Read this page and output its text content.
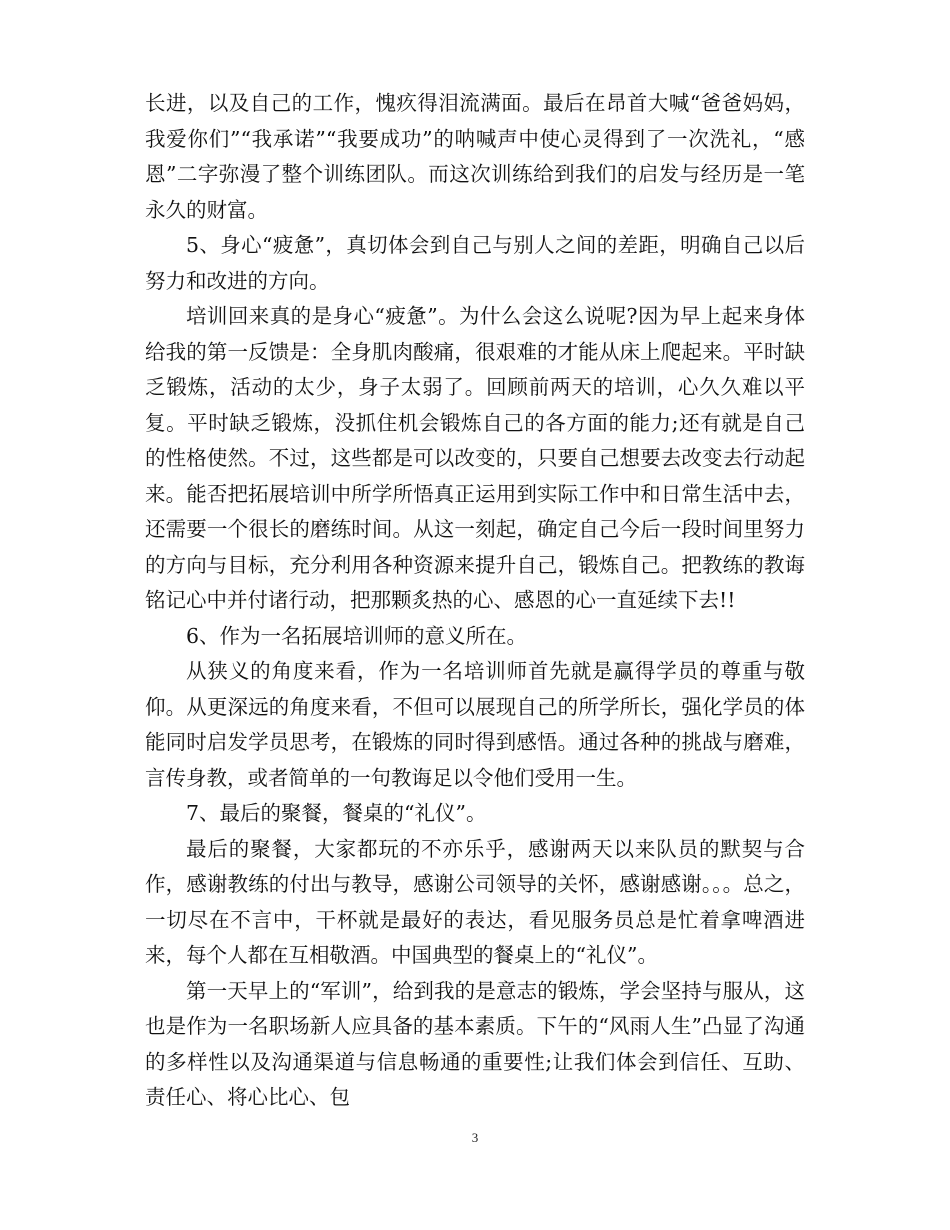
长进，以及自己的工作，愧疚得泪流满面。最后在昂首大喊“爸爸妈妈，我爱你们”“我承诺”“我要成功”的呐喊声中使心灵得到了一次洗礼，“感恩”二字弥漫了整个训练团队。而这次训练给到我们的启发与经历是一笔永久的财富。

5、身心“疲惫”，真切体会到自己与别人之间的差距，明确自己以后努力和改进的方向。

培训回来真的是身心“疲惫”。为什么会这么说呢?因为早上起来身体给我的第一反馈是：全身肌肉酸痛，很艰难的才能从床上爬起来。平时缺乏锻炼，活动的太少，身子太弱了。回顾前两天的培训，心久久难以平复。平时缺乏锻炼，没抓住机会锻炼自己的各方面的能力;还有就是自己的性格使然。不过，这些都是可以改变的，只要自己想要去改变去行动起来。能否把拓展培训中所学所悟真正运用到实际工作中和日常生活中去，还需要一个很长的磨练时间。从这一刻起，确定自己今后一段时间里努力的方向与目标，充分利用各种资源来提升自己，锻炼自己。把教练的教诲铭记心中并付诸行动，把那颗炙热的心、感恩的心一直延续下去!!

6、作为一名拓展培训师的意义所在。

从狭义的角度来看，作为一名培训师首先就是赢得学员的尊重与敬仰。从更深远的角度来看，不但可以展现自己的所学所长，强化学员的体能同时启发学员思考，在锻炼的同时得到感悟。通过各种的挑战与磨难，言传身教，或者简单的一句教诲足以令他们受用一生。

7、最后的聚餐，餐桌的“礼仪”。

最后的聚餐，大家都玩的不亦乐乎，感谢两天以来队员的默契与合作，感谢教练的付出与教导，感谢公司领导的关怀，感谢感谢。。。总之，一切尽在不言中，干杯就是最好的表达，看见服务员总是忙着拿啤酒进来，每个人都在互相敬酒。中国典型的餐桌上的“礼仪”。

第一天早上的“军训”，给到我的是意志的锻炼，学会坚持与服从，这也是作为一名职场新人应具备的基本素质。下午的“风雨人生”凸显了沟通的多样性以及沟通渠道与信息畅通的重要性;让我们体会到信任、互助、责任心、将心比心、包

3
